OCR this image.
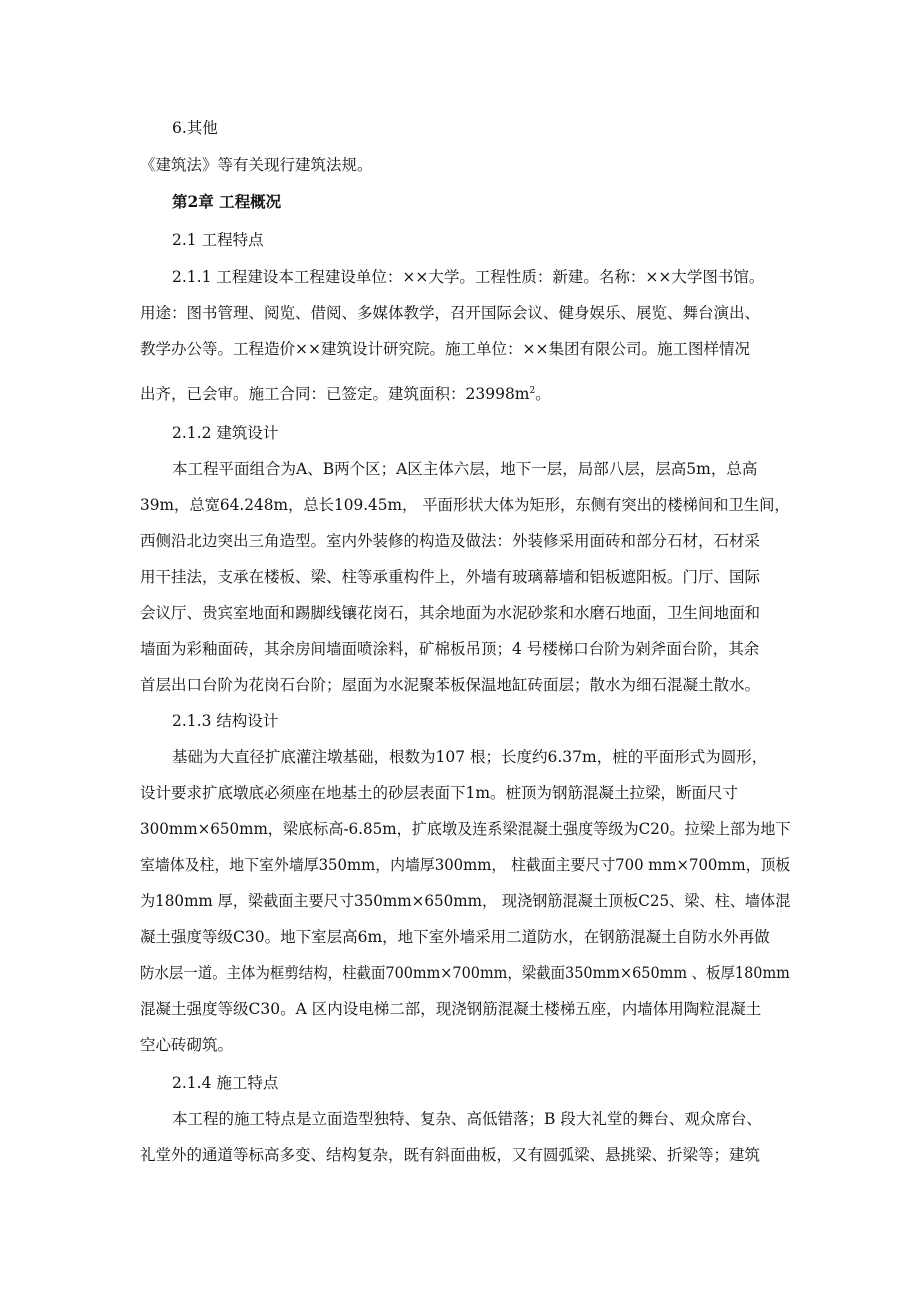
6.其他

《建筑法》等有关现行建筑法规。

第2章 工程概况

2.1 工程特点

2.1.1 工程建设本工程建设单位：××大学。工程性质：新建。名称：××大学图书馆。

用途：图书管理、阅览、借阅、多媒体教学，召开国际会议、健身娱乐、展览、舞台演出、

教学办公等。工程造价××建筑设计研究院。施工单位：××集团有限公司。施工图样情况

出齐，已会审。施工合同：已签定。建筑面积：$23998m^2$。

2.1.2 建筑设计

本工程平面组合为A、B两个区；A区主体六层，地下一层，局部八层，层高5m，总高

39m，总宽64.248m，总长109.45m， 平面形状大体为矩形，东侧有突出的楼梯间和卫生间，

西侧沿北边突出三角造型。室内外装修的构造及做法：外装修采用面砖和部分石材，石材采

用干挂法，支承在楼板、梁、柱等承重构件上，外墙有玻璃幕墙和铝板遮阳板。门厅、国际

会议厅、贵宾室地面和踢脚线镶花岗石，其余地面为水泥砂浆和水磨石地面，卫生间地面和

墙面为彩釉面砖，其余房间墙面喷涂料，矿棉板吊顶；4 号楼梯口台阶为剁斧面台阶，其余

首层出口台阶为花岗石台阶；屋面为水泥聚苯板保温地缸砖面层；散水为细石混凝土散水。

2.1.3 结构设计

基础为大直径扩底灌注墩基础，根数为107 根；长度约6.37m，桩的平面形式为圆形，

设计要求扩底墩底必须座在地基土的砂层表面下1m。桩顶为钢筋混凝土拉梁，断面尺寸

300mm×650mm，梁底标高-6.85m，扩底墩及连系梁混凝土强度等级为C20。拉梁上部为地下

室墙体及柱，地下室外墙厚350mm，内墙厚300mm， 柱截面主要尺寸700 mm×700mm，顶板

为180mm 厚，梁截面主要尺寸350mm×650mm， 现浇钢筋混凝土顶板C25、梁、柱、墙体混

凝土强度等级C30。地下室层高6m，地下室外墙采用二道防水，在钢筋混凝土自防水外再做

防水层一道。主体为框剪结构，柱截面700mm×700mm，梁截面350mm×650mm 、板厚180mm

混凝土强度等级C30。A 区内设电梯二部，现浇钢筋混凝土楼梯五座，内墙体用陶粒混凝土

空心砖砌筑。

2.1.4 施工特点

本工程的施工特点是立面造型独特、复杂、高低错落；B 段大礼堂的舞台、观众席台、

礼堂外的通道等标高多变、结构复杂，既有斜面曲板，又有圆弧梁、悬挑梁、折梁等；建筑
